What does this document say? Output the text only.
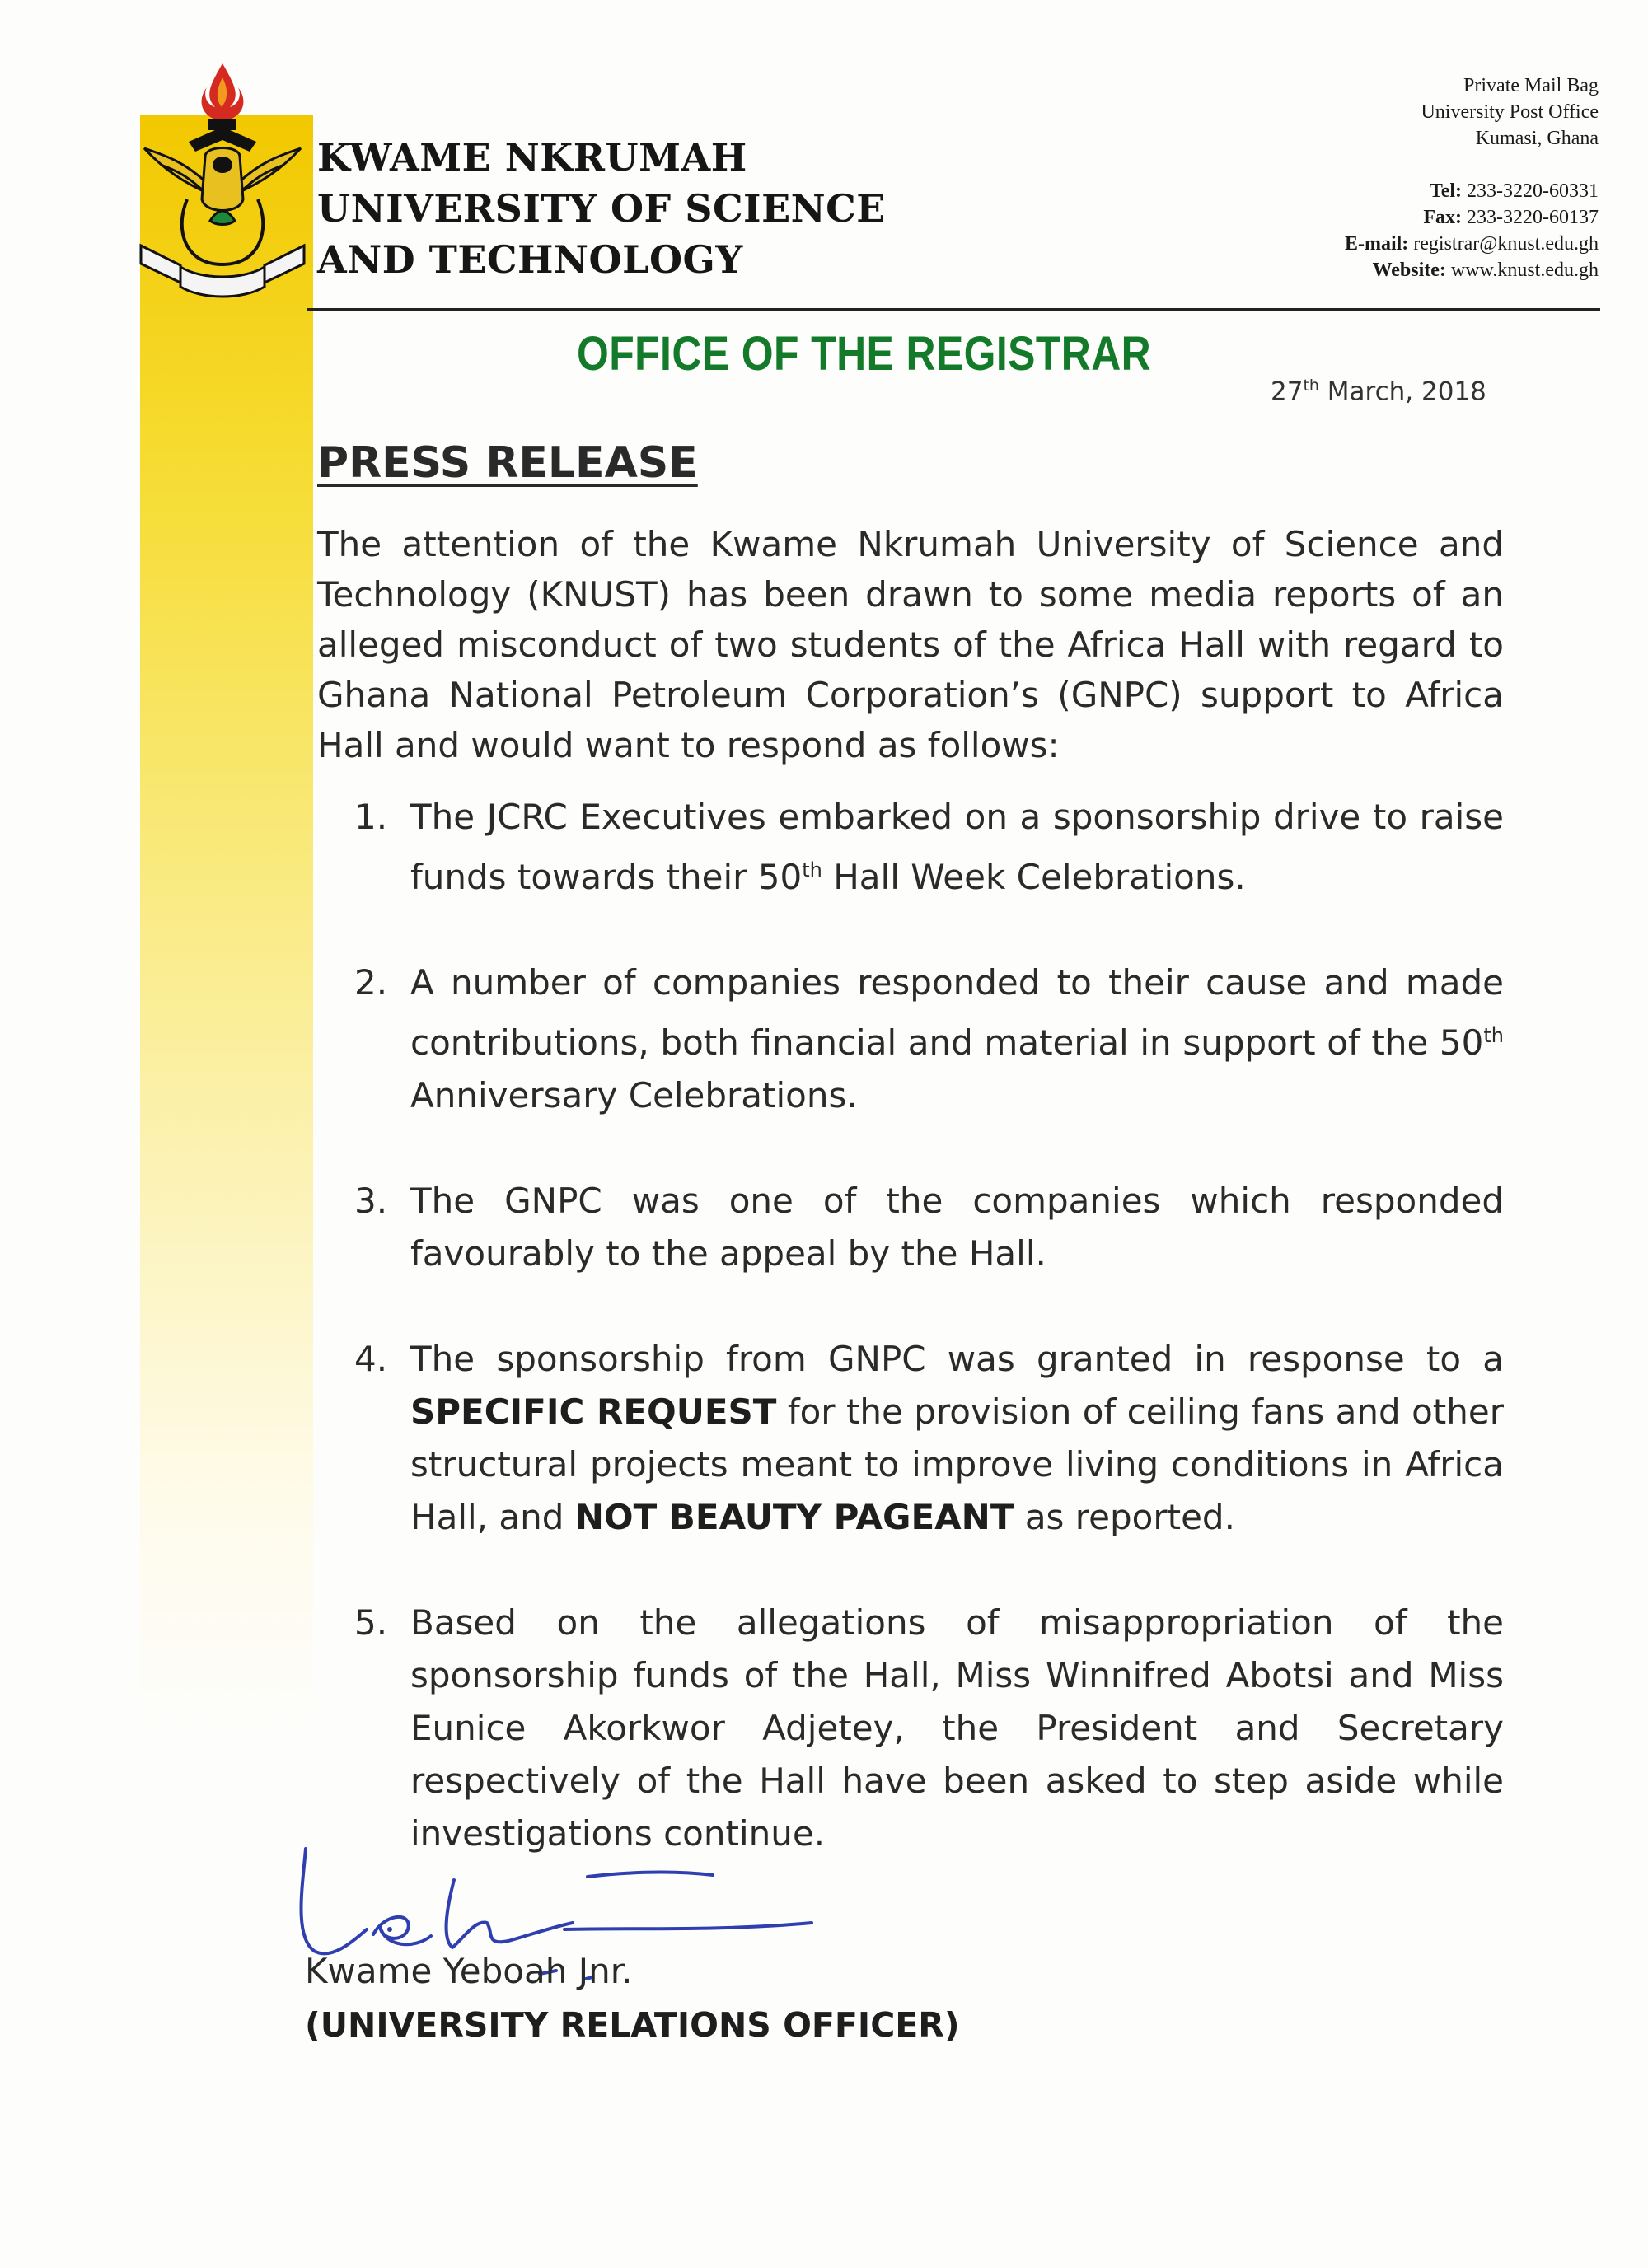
KWAME NKRUMAH
UNIVERSITY OF SCIENCE
AND TECHNOLOGY
Private Mail Bag
University Post Office
Kumasi, Ghana
Tel: 233-3220-60331
Fax: 233-3220-60137
E-mail: registrar@knust.edu.gh
Website: www.knust.edu.gh
OFFICE OF THE REGISTRAR
27th March, 2018
PRESS RELEASE

The attention of the Kwame Nkrumah University of Science and Technology (KNUST) has been drawn to some media reports of an alleged misconduct of two students of the Africa Hall with regard to Ghana National Petroleum Corporation’s (GNPC) support to Africa Hall and would want to respond as follows:

1. The JCRC Executives embarked on a sponsorship drive to raise funds towards their 50th Hall Week Celebrations.
2. A number of companies responded to their cause and made contributions, both financial and material in support of the 50th Anniversary Celebrations.
3. The GNPC was one of the companies which responded favourably to the appeal by the Hall.
4. The sponsorship from GNPC was granted in response to a SPECIFIC REQUEST for the provision of ceiling fans and other structural projects meant to improve living conditions in Africa Hall, and NOT BEAUTY PAGEANT as reported.
5. Based on the allegations of misappropriation of the sponsorship funds of the Hall, Miss Winnifred Abotsi and Miss Eunice Akorkwor Adjetey, the President and Secretary respectively of the Hall have been asked to step aside while investigations continue.
Kwame Yeboah Jnr.
(UNIVERSITY RELATIONS OFFICER)
